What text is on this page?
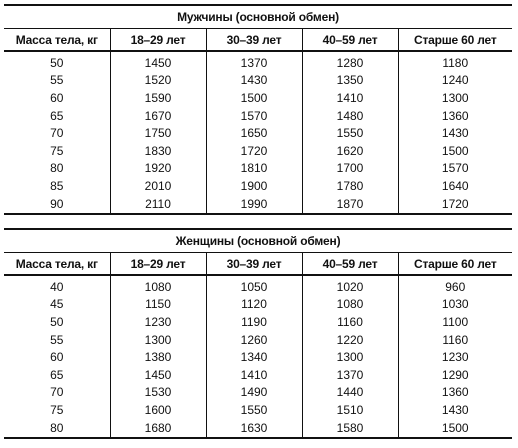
Мужчины (основной обмен)				
Масса тела, кг	18–29 лет	30–39 лет	40–59 лет	Старше 60 лет
50	1450	1370	1280	1180
55	1520	1430	1350	1240
60	1590	1500	1410	1300
65	1670	1570	1480	1360
70	1750	1650	1550	1430
75	1830	1720	1620	1500
80	1920	1810	1700	1570
85	2010	1900	1780	1640
90	2110	1990	1870	1720
Женщины (основной обмен)				
Масса тела, кг	18–29 лет	30–39 лет	40–59 лет	Старше 60 лет
40	1080	1050	1020	960
45	1150	1120	1080	1030
50	1230	1190	1160	1100
55	1300	1260	1220	1160
60	1380	1340	1300	1230
65	1450	1410	1370	1290
70	1530	1490	1440	1360
75	1600	1550	1510	1430
80	1680	1630	1580	1500
